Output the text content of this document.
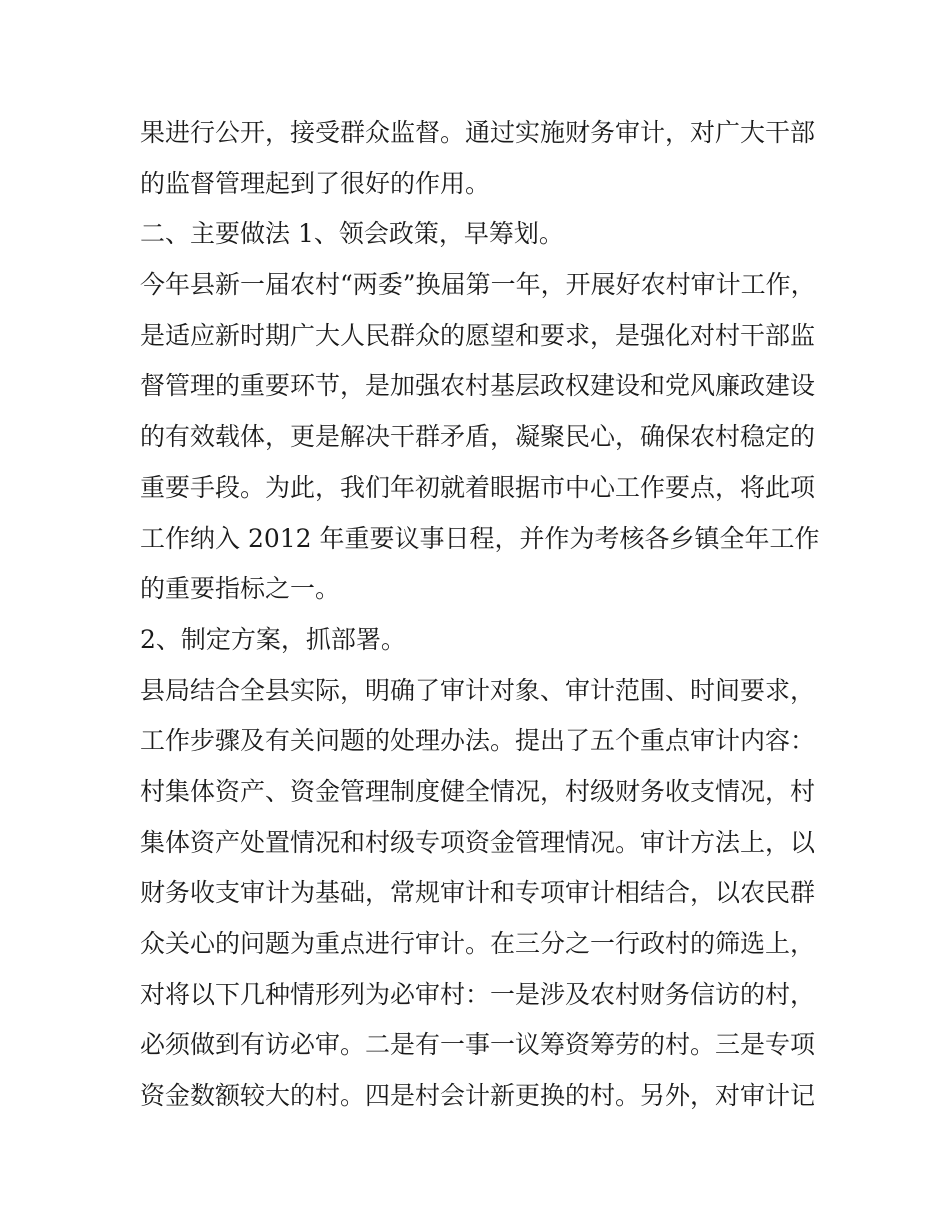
果进行公开，接受群众监督。通过实施财务审计，对广大干部
的监督管理起到了很好的作用。
二、主要做法 1、领会政策，早筹划。
今年县新一届农村“两委”换届第一年，开展好农村审计工作，
是适应新时期广大人民群众的愿望和要求，是强化对村干部监
督管理的重要环节，是加强农村基层政权建设和党风廉政建设
的有效载体，更是解决干群矛盾，凝聚民心，确保农村稳定的
重要手段。为此，我们年初就着眼据市中心工作要点，将此项
工作纳入 2012 年重要议事日程，并作为考核各乡镇全年工作
的重要指标之一。
2、制定方案，抓部署。
县局结合全县实际，明确了审计对象、审计范围、时间要求，
工作步骤及有关问题的处理办法。提出了五个重点审计内容：
村集体资产、资金管理制度健全情况，村级财务收支情况，村
集体资产处置情况和村级专项资金管理情况。审计方法上，以
财务收支审计为基础，常规审计和专项审计相结合，以农民群
众关心的问题为重点进行审计。在三分之一行政村的筛选上，
对将以下几种情形列为必审村：一是涉及农村财务信访的村，
必须做到有访必审。二是有一事一议筹资筹劳的村。三是专项
资金数额较大的村。四是村会计新更换的村。另外，对审计记
